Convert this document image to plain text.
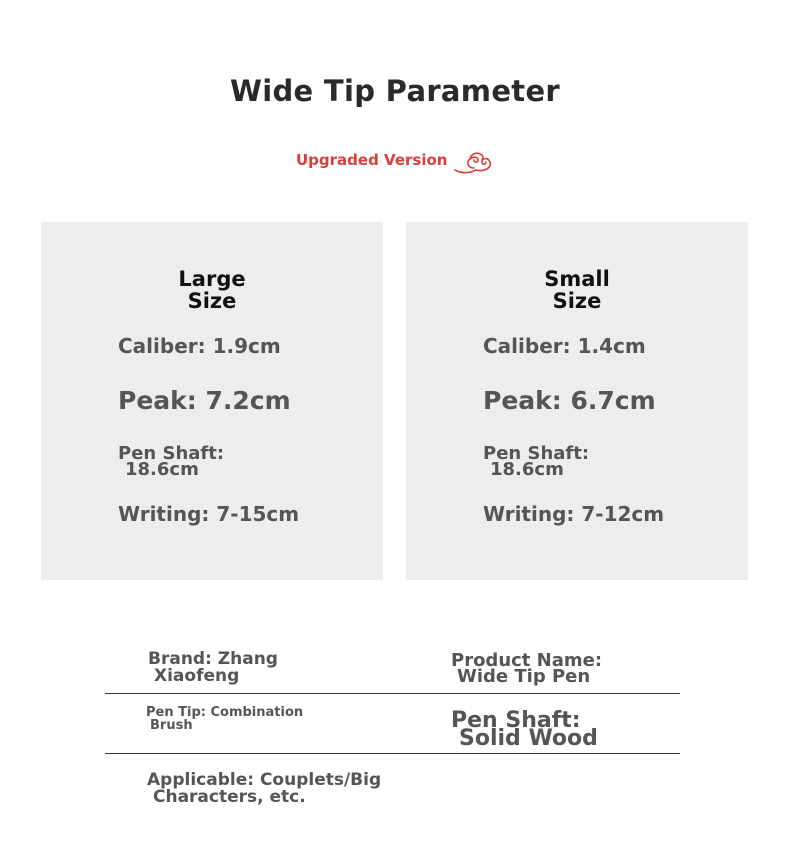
Wide Tip Parameter
Upgraded Version
Large
Size
Caliber: 1.9cm
Peak: 7.2cm
Pen Shaft:
18.6cm
Writing: 7-15cm
Small
Size
Caliber: 1.4cm
Peak: 6.7cm
Pen Shaft:
18.6cm
Writing: 7-12cm
Brand: Zhang
Xiaofeng
Product Name:
Wide Tip Pen
Pen Tip: Combination
Brush	Pen Shaft:
Solid Wood
Applicable: Couplets/Big
Characters, etc.
